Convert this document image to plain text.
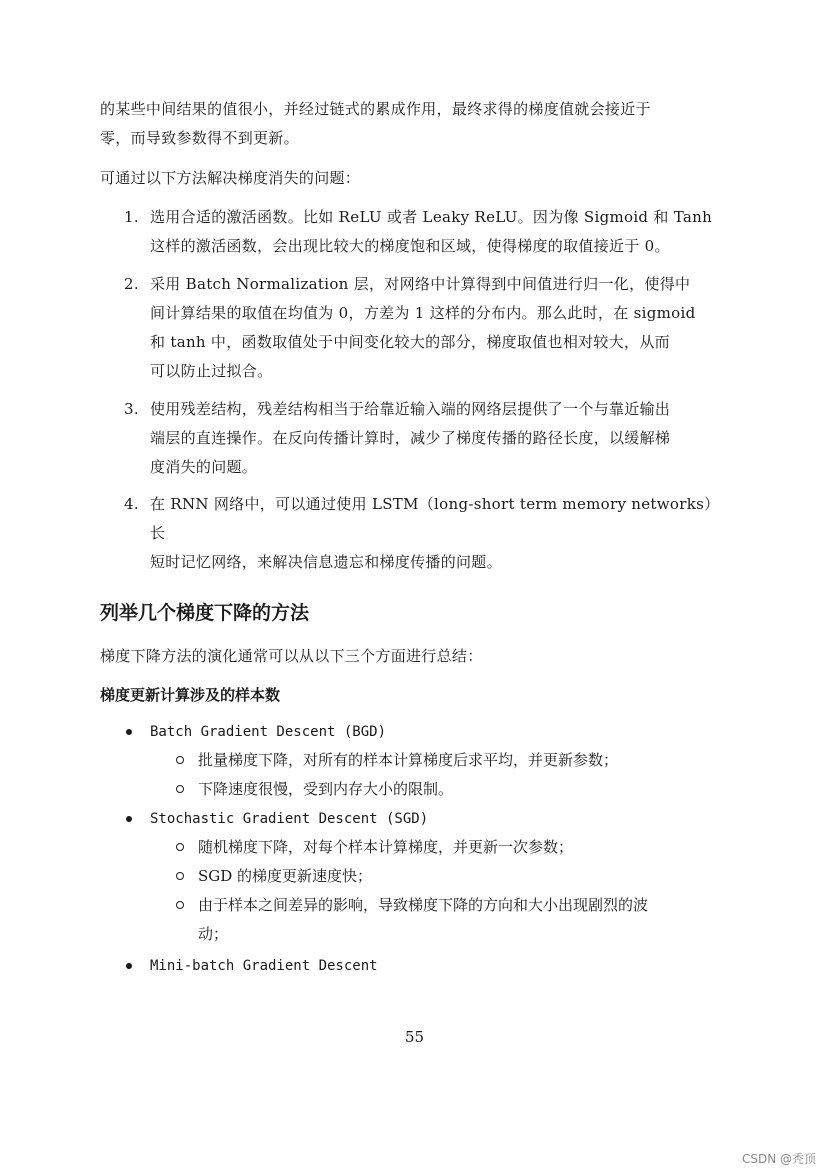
的某些中间结果的值很小，并经过链式的累成作用，最终求得的梯度值就会接近于
零，而导致参数得不到更新。
可通过以下方法解决梯度消失的问题：
1. 选用合适的激活函数。比如 ReLU 或者 Leaky ReLU。因为像 Sigmoid 和 Tanh
这样的激活函数，会出现比较大的梯度饱和区域，使得梯度的取值接近于 0。
2. 采用 Batch Normalization 层，对网络中计算得到中间值进行归一化，使得中
间计算结果的取值在均值为 0，方差为 1 这样的分布内。那么此时，在 sigmoid
和 tanh 中，函数取值处于中间变化较大的部分，梯度取值也相对较大，从而
可以防止过拟合。
3. 使用残差结构，残差结构相当于给靠近输入端的网络层提供了一个与靠近输出
端层的直连操作。在反向传播计算时，减少了梯度传播的路径长度，以缓解梯
度消失的问题。
4. 在 RNN 网络中，可以通过使用 LSTM（long-short term memory networks）长
短时记忆网络，来解决信息遗忘和梯度传播的问题。
列举几个梯度下降的方法
梯度下降方法的演化通常可以从以下三个方面进行总结：
梯度更新计算涉及的样本数
Batch Gradient Descent (BGD)
批量梯度下降，对所有的样本计算梯度后求平均，并更新参数；
下降速度很慢，受到内存大小的限制。
Stochastic Gradient Descent (SGD)
随机梯度下降，对每个样本计算梯度，并更新一次参数；
SGD 的梯度更新速度快；
由于样本之间差异的影响，导致梯度下降的方向和大小出现剧烈的波
动；
Mini-batch Gradient Descent
55
CSDN @秃顶
